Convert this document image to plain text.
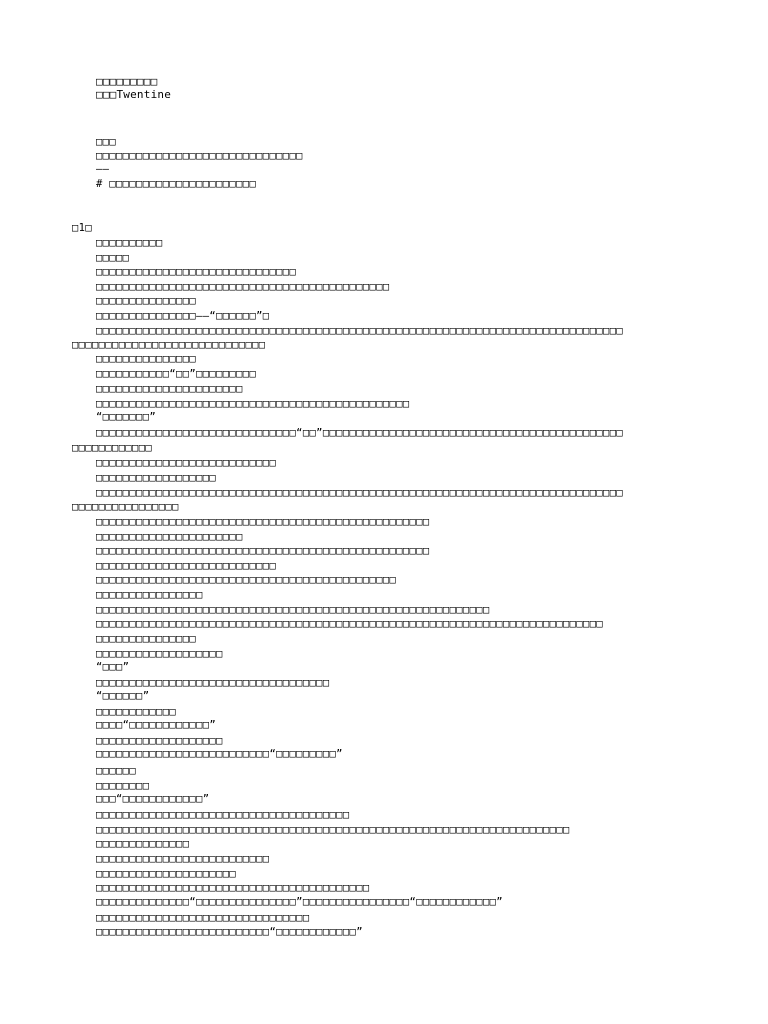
□□□□□□□□□
□□□Twentine
□□□
□□□□□□□□□□□□□□□□□□□□□□□□□□□□□□□
——
# □□□□□□□□□□□□□□□□□□□□□□
□1□
□□□□□□□□□□
□□□□□
□□□□□□□□□□□□□□□□□□□□□□□□□□□□□□
□□□□□□□□□□□□□□□□□□□□□□□□□□□□□□□□□□□□□□□□□□□□
□□□□□□□□□□□□□□□
□□□□□□□□□□□□□□□——“□□□□□□”□
□□□□□□□□□□□□□□□□□□□□□□□□□□□□□□□□□□□□□□□□□□□□□□□□□□□□□□□□□□□□□□□□□□□□□□□□□□□□□□□
□□□□□□□□□□□□□□□□□□□□□□□□□□□□□
□□□□□□□□□□□□□□□
□□□□□□□□□□□“□□”□□□□□□□□□
□□□□□□□□□□□□□□□□□□□□□□
□□□□□□□□□□□□□□□□□□□□□□□□□□□□□□□□□□□□□□□□□□□□□□□
“□□□□□□□”
□□□□□□□□□□□□□□□□□□□□□□□□□□□□□□“□□”□□□□□□□□□□□□□□□□□□□□□□□□□□□□□□□□□□□□□□□□□□□□□
□□□□□□□□□□□□
□□□□□□□□□□□□□□□□□□□□□□□□□□□
□□□□□□□□□□□□□□□□□□
□□□□□□□□□□□□□□□□□□□□□□□□□□□□□□□□□□□□□□□□□□□□□□□□□□□□□□□□□□□□□□□□□□□□□□□□□□□□□□□
□□□□□□□□□□□□□□□□
□□□□□□□□□□□□□□□□□□□□□□□□□□□□□□□□□□□□□□□□□□□□□□□□□□
□□□□□□□□□□□□□□□□□□□□□□
□□□□□□□□□□□□□□□□□□□□□□□□□□□□□□□□□□□□□□□□□□□□□□□□□□
□□□□□□□□□□□□□□□□□□□□□□□□□□□
□□□□□□□□□□□□□□□□□□□□□□□□□□□□□□□□□□□□□□□□□□□□□
□□□□□□□□□□□□□□□□
□□□□□□□□□□□□□□□□□□□□□□□□□□□□□□□□□□□□□□□□□□□□□□□□□□□□□□□□□□□
□□□□□□□□□□□□□□□□□□□□□□□□□□□□□□□□□□□□□□□□□□□□□□□□□□□□□□□□□□□□□□□□□□□□□□□□□□□□
□□□□□□□□□□□□□□□
□□□□□□□□□□□□□□□□□□□
“□□□”
□□□□□□□□□□□□□□□□□□□□□□□□□□□□□□□□□□□
“□□□□□□”
□□□□□□□□□□□□
□□□□“□□□□□□□□□□□□”
□□□□□□□□□□□□□□□□□□□
□□□□□□□□□□□□□□□□□□□□□□□□□□“□□□□□□□□□”
□□□□□□
□□□□□□□□
□□□“□□□□□□□□□□□□”
□□□□□□□□□□□□□□□□□□□□□□□□□□□□□□□□□□□□□□
□□□□□□□□□□□□□□□□□□□□□□□□□□□□□□□□□□□□□□□□□□□□□□□□□□□□□□□□□□□□□□□□□□□□□□□
□□□□□□□□□□□□□□
□□□□□□□□□□□□□□□□□□□□□□□□□□
□□□□□□□□□□□□□□□□□□□□□
□□□□□□□□□□□□□□□□□□□□□□□□□□□□□□□□□□□□□□□□□
□□□□□□□□□□□□□□“□□□□□□□□□□□□□□□”□□□□□□□□□□□□□□□□“□□□□□□□□□□□□”
□□□□□□□□□□□□□□□□□□□□□□□□□□□□□□□□
□□□□□□□□□□□□□□□□□□□□□□□□□□“□□□□□□□□□□□□”
